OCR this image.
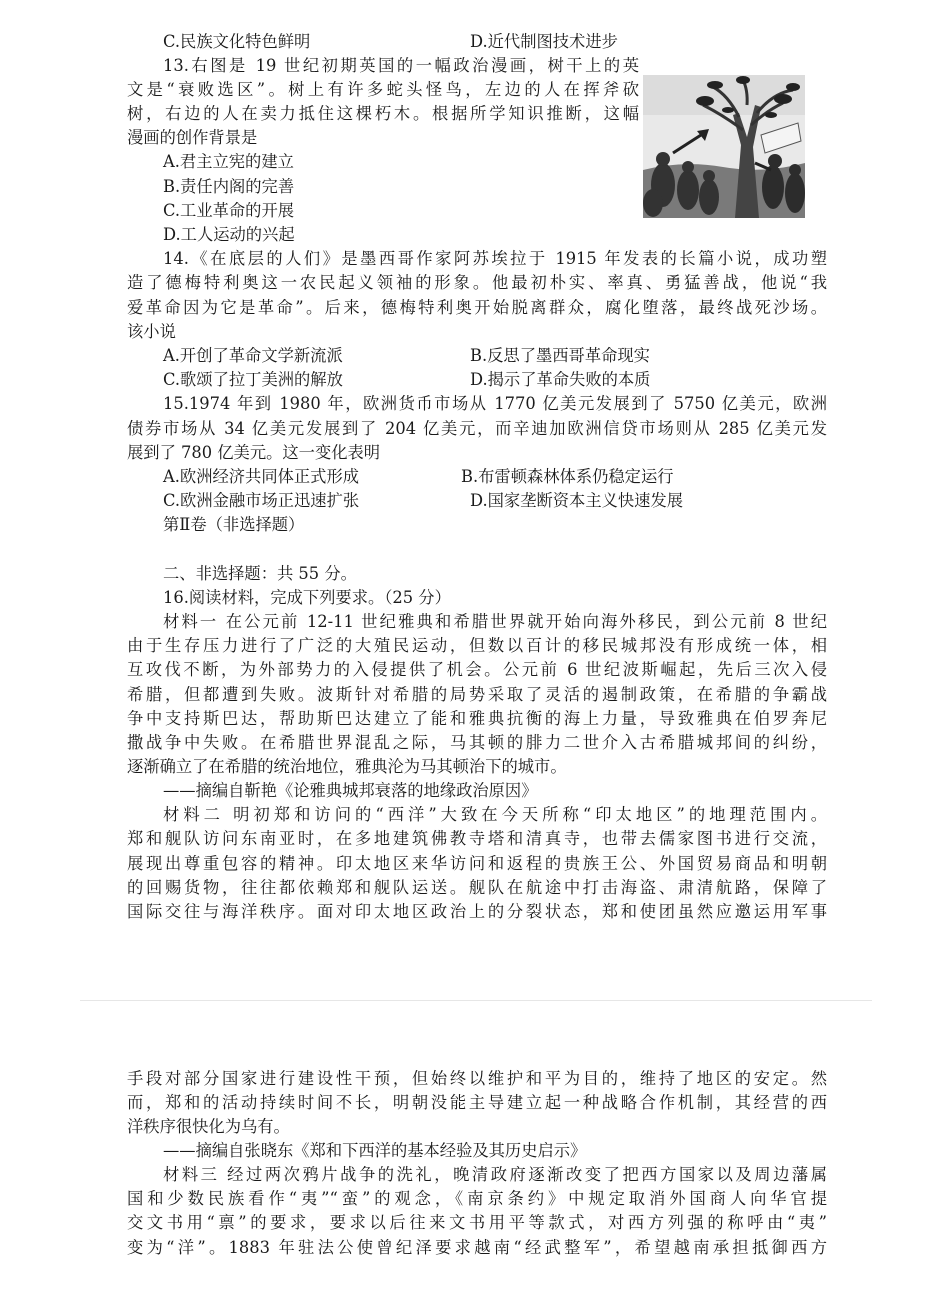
C.民族文化特色鲜明	D.近代制图技术进步
13.右图是 19 世纪初期英国的一幅政治漫画，树干上的英
文是“衰败选区”。树上有许多蛇头怪鸟，左边的人在挥斧砍
树，右边的人在卖力抵住这棵朽木。根据所学知识推断，这幅
漫画的创作背景是
A.君主立宪的建立
B.责任内阁的完善
C.工业革命的开展
D.工人运动的兴起
14.《在底层的人们》是墨西哥作家阿苏埃拉于 1915 年发表的长篇小说，成功塑
造了德梅特利奥这一农民起义领袖的形象。他最初朴实、率真、勇猛善战，他说“我
爱革命因为它是革命”。后来，德梅特利奥开始脱离群众，腐化堕落，最终战死沙场。
该小说
A.开创了革命文学新流派	B.反思了墨西哥革命现实
C.歌颂了拉丁美洲的解放	D.揭示了革命失败的本质
15.1974 年到 1980 年，欧洲货币市场从 1770 亿美元发展到了 5750 亿美元，欧洲
债券市场从 34 亿美元发展到了 204 亿美元，而辛迪加欧洲信贷市场则从 285 亿美元发
展到了 780 亿美元。这一变化表明
A.欧洲经济共同体正式形成	B.布雷顿森林体系仍稳定运行
C.欧洲金融市场正迅速扩张	D.国家垄断资本主义快速发展
第Ⅱ卷（非选择题）
二、非选择题：共 55 分。
16.阅读材料，完成下列要求。（25 分）
材料一 在公元前 12-11 世纪雅典和希腊世界就开始向海外移民，到公元前 8 世纪
由于生存压力进行了广泛的大殖民运动，但数以百计的移民城邦没有形成统一体，相
互攻伐不断，为外部势力的入侵提供了机会。公元前 6 世纪波斯崛起，先后三次入侵
希腊，但都遭到失败。波斯针对希腊的局势采取了灵活的遏制政策，在希腊的争霸战
争中支持斯巴达，帮助斯巴达建立了能和雅典抗衡的海上力量，导致雅典在伯罗奔尼
撒战争中失败。在希腊世界混乱之际，马其顿的腓力二世介入古希腊城邦间的纠纷，
逐渐确立了在希腊的统治地位，雅典沦为马其顿治下的城市。
——摘编自靳艳《论雅典城邦衰落的地缘政治原因》
材料二 明初郑和访问的“西洋”大致在今天所称“印太地区”的地理范围内。
郑和舰队访问东南亚时，在多地建筑佛教寺塔和清真寺，也带去儒家图书进行交流，
展现出尊重包容的精神。印太地区来华访问和返程的贵族王公、外国贸易商品和明朝
的回赐货物，往往都依赖郑和舰队运送。舰队在航途中打击海盗、肃清航路，保障了
国际交往与海洋秩序。面对印太地区政治上的分裂状态，郑和使团虽然应邀运用军事
手段对部分国家进行建设性干预，但始终以维护和平为目的，维持了地区的安定。然
而，郑和的活动持续时间不长，明朝没能主导建立起一种战略合作机制，其经营的西
洋秩序很快化为乌有。
——摘编自张晓东《郑和下西洋的基本经验及其历史启示》
材料三 经过两次鸦片战争的洗礼，晚清政府逐渐改变了把西方国家以及周边藩属
国和少数民族看作“夷”“蛮”的观念，《南京条约》中规定取消外国商人向华官提
交文书用“禀”的要求，要求以后往来文书用平等款式，对西方列强的称呼由“夷”
变为“洋”。1883 年驻法公使曾纪泽要求越南“经武整军”，希望越南承担抵御西方
